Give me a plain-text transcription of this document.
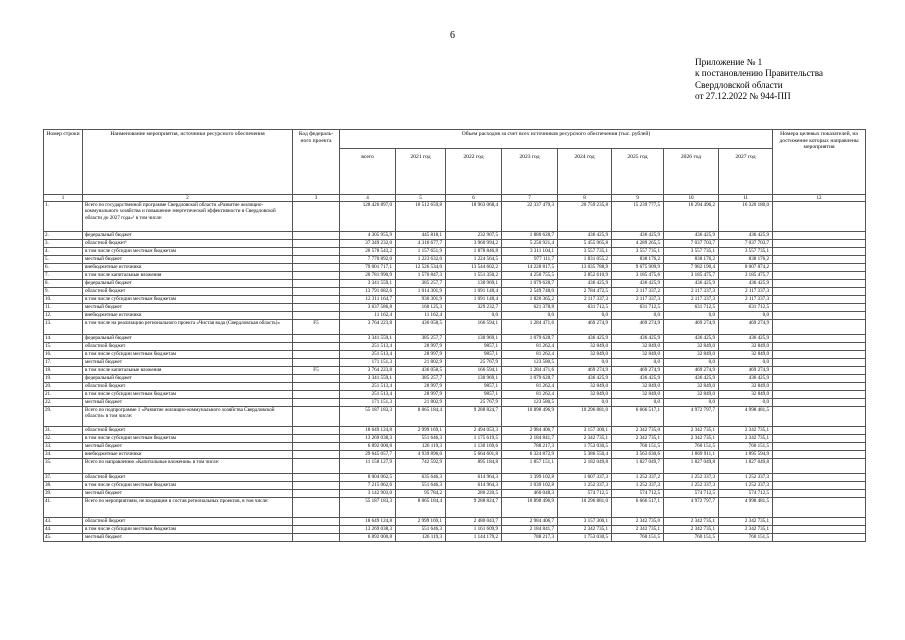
6
Приложение № 1
к постановлению Правительства
Свердловской области
от 27.12.2022 № 944-ПП
Номер строки	Наименование мероприятия, источники ресурсного обеспечения	Код федераль-ного проекта	Объем расходов за счет всех источников ресурсного обеспечения (тыс. рублей)								Номера целевых показателей, на достижение которых направлены мероприятия
			всего	2021 год	2022 год	2023 год	2024 год	2025 год	2026 год	2027 год	
1	2	3	4	5	6	7	8	9	10	11	12
1.	Всего по государственной программе Свердловской области «Развитие жилищно-коммунального хозяйства и повышение энергетической эффективности в Свердловской области до 2027 года»¹ в том числе:		128 426 897,0	18 512 659,8	18 963 068,4	22 337 479,3	20 759 235,8	15 239 777,5	16 294 496,2	16 320 180,0	
2.	федеральный бюджет		4 305 955,9	445 818,1	232 907,5	1 880 628,7	436 425,9	436 425,9	436 425,9	436 425,9	
3.	областной бюджет¹		37 349 232,0	4 316 677,7	3 960 994,2	5 250 921,4	5 455 965,8	4 289 265,5	7 037 703,7	7 037 703,7	
4.	в том числе субсидии местным бюджетам		20 578 543,2	1 157 651,9	1 878 846,8	3 311 104,1	3 557 735,1	3 557 735,1	3 557 735,1	3 557 735,1	
5.	местный бюджет		7 770 892,0	1 223 632,0	1 224 564,5	977 111,7	1 831 055,2	838 176,2	838 176,2	838 176,2	
6.	внебюджетные источники		79 001 717,1	12 526 534,0	13 544 602,2	14 228 817,5	13 035 788,9	9 675 909,9	7 982 190,4	8 007 874,2	
7.	в том числе капитальные вложения		20 781 990,9	1 570 847,3	1 551 350,2	4 250 755,5	3 852 610,9	3 185 475,6	3 185 475,7	3 185 475,7	
8.	федеральный бюджет		3 341 559,1	385 257,7	130 969,1	1 079 628,7	436 425,9	436 425,9	436 425,9	436 425,9	
9.	областной бюджет		13 791 682,6	1 014 301,9	1 091 148,4	2 549 748,0	2 784 472,5	2 117 337,2	2 117 337,3	2 117 337,3	
10.	в том числе субсидии местным бюджетам		12 311 164,7	930 301,9	1 091 148,4	1 820 365,2	2 117 337,3	2 117 337,3	2 117 337,3	2 117 337,3	
11.	местный бюджет		3 637 586,8	160 125,3	329 232,7	621 378,8	631 712,5	631 712,5	631 712,5	631 712,5	
12.	внебюджетные источники		11 162,4	11 162,4	0,0	0,0	0,0	0,0	0,0	0,0	
13.	в том числе на реализацию регионального проекта «Чистая вода (Свердловская область)»	F5	3 764 223,8	436 058,5	166 594,1	1 284 471,6	469 274,9	469 274,9	469 274,9	469 274,9	
14.	федеральный бюджет		3 341 559,1	385 257,7	130 969,1	1 079 628,7	436 425,9	436 425,9	436 425,9	436 425,9	
15.	областной бюджет		251 513,4	28 997,9	9857,1	81 262,4	32 849,0	32 849,0	32 849,0	32 849,0	
16.	в том числе субсидии местным бюджетам		251 513,4	28 997,9	9857,1	81 262,4	32 849,0	32 849,0	32 849,0	32 849,0	
17.	местный бюджет		171 151,3	21 802,9	25 767,9	123 580,5	0,0	0,0	0,0	0,0	
18.	в том числе капитальные вложения	F5	3 764 223,8	436 058,5	166 594,1	1 284 471,6	469 274,9	469 274,9	469 274,9	469 274,9	
19.	федеральный бюджет		3 341 559,1	385 257,7	130 969,1	1 079 628,7	436 425,9	436 425,9	436 425,9	436 425,9	
20.	областной бюджет		251 513,4	28 997,9	9857,1	81 262,4	32 849,0	32 849,0	32 849,0	32 849,0	
21.	в том числе субсидии местным бюджетам		251 513,4	28 997,9	9857,1	81 262,4	32 849,0	32 849,0	32 849,0	32 849,0	
22.	местный бюджет		171 151,3	21 802,9	25 767,9	123 580,5	0,0	0,0	0,0	0,0	
29.	Всего по подпрограмме 1 «Развитие жилищно-коммунального хозяйства Свердловской области» в том числе:		55 187 183,3	8 065 184,4	9 288 824,7	10 898 496,9	10 296 881,0	6 666 517,1	4 972 797,7	4 998 481,5	
31.	областной бюджет		18 649 124,8	2 999 169,1	2 494 053,3	2 984 406,7	3 157 300,1	2 342 735,0	2 342 735,1	2 342 735,1	
32.	в том числе субсидии местным бюджетам		13 269 038,3	551 646,3	1 175 619,5	2 184 841,7	2 342 735,1	2 342 735,1	2 342 735,1	2 342 735,1	
33.	местный бюджет		6 892 000,8	126 119,3	1 130 169,6	788 217,3	1 753 030,5	760 151,5	760 151,5	760 151,5	
34.	внебюджетные источники		29 645 057,7	4 939 896,0	5 664 601,8	6 324 872,9	5 386 550,4	3 563 630,6	1 869 911,1	1 895 594,9	
35.	Всего по направлению «Капитальные вложения» в том числе:		11 158 127,9	742 592,9	895 184,8	1 857 151,1	2 182 049,8	1 827 049,7	1 827 049,8	1 827 049,8	
37.	областной бюджет		8 004 062,5	635 646,3	614 964,3	1 399 102,8	1 607 337,3	1 252 337,2	1 252 337,3	1 252 337,3	
38.	в том числе субсидии местным бюджетам		7 215 062,6	551 646,3	614 964,3	1 039 102,8	1 252 337,3	1 252 337,3	1 252 337,3	1 252 337,3	
39.	местный бюджет		3 142 903,0	95 784,2	280 220,5	460 048,3	574 712,5	574 712,5	574 712,5	574 712,5	
41.	Всего по мероприятиям, не входящим в состав региональных проектов, в том числе:		55 187 183,3	8 065 184,4	9 288 824,7	10 898 496,9	10 296 881,0	6 666 517,1	4 972 797,7	4 998 481,5	
43.	областной бюджет		18 649 124,8	2 999 169,1	2 480 043,7	2 984 406,7	3 157 300,1	2 342 735,0	2 342 735,1	2 342 735,1	
44.	в том числе субсидии местным бюджетам		13 269 038,3	551 646,3	1 161 609,9	2 184 841,7	2 342 735,1	2 342 735,1	2 342 735,1	2 342 735,1	
45.	местный бюджет		6 892 000,8	126 119,3	1 144 179,2	788 217,3	1 753 030,5	760 151,5	760 151,5	760 151,5	
